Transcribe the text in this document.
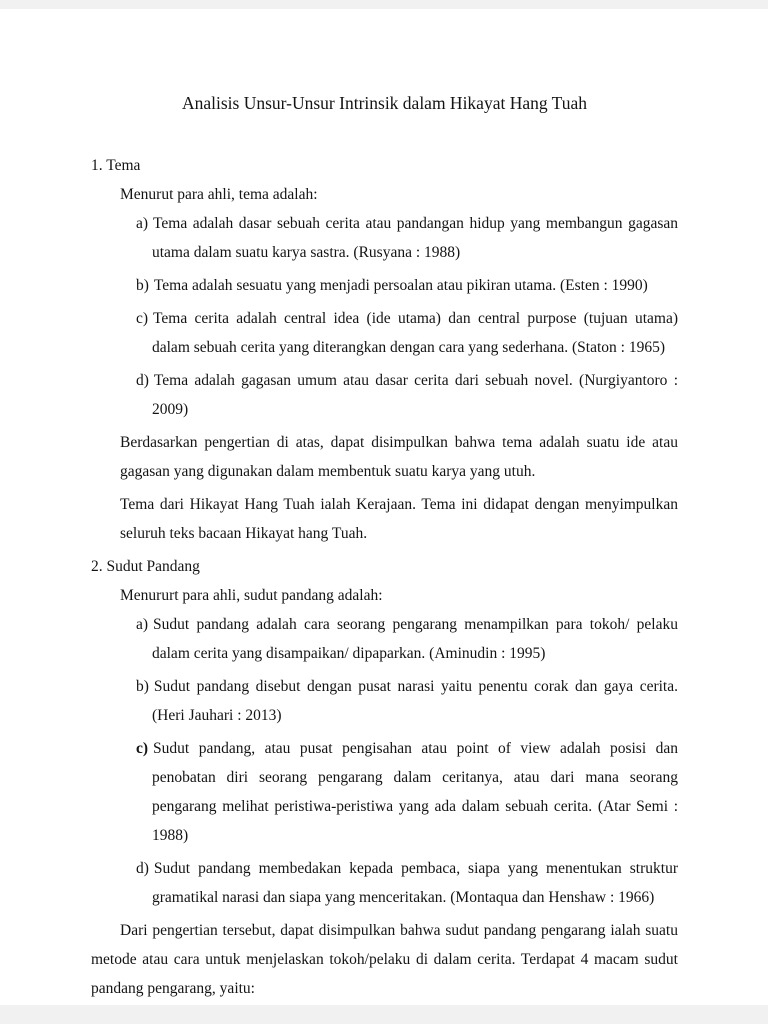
Analisis Unsur-Unsur Intrinsik dalam Hikayat Hang Tuah
1. Tema
Menurut para ahli, tema adalah:
a) Tema adalah dasar sebuah cerita atau pandangan hidup yang membangun gagasan utama dalam suatu karya sastra. (Rusyana : 1988)
b) Tema adalah sesuatu yang menjadi persoalan atau pikiran utama. (Esten : 1990)
c) Tema cerita adalah central idea (ide utama) dan central purpose (tujuan utama) dalam sebuah cerita yang diterangkan dengan cara yang sederhana. (Staton : 1965)
d) Tema adalah gagasan umum atau dasar cerita dari sebuah novel. (Nurgiyantoro : 2009)
Berdasarkan pengertian di atas, dapat disimpulkan bahwa tema adalah suatu ide atau gagasan yang digunakan dalam membentuk suatu karya yang utuh.
Tema dari Hikayat Hang Tuah ialah Kerajaan. Tema ini didapat dengan menyimpulkan seluruh teks bacaan Hikayat hang Tuah.
2. Sudut Pandang
Menururt para ahli, sudut pandang adalah:
a) Sudut pandang adalah cara seorang pengarang menampilkan para tokoh/ pelaku dalam cerita yang disampaikan/ dipaparkan. (Aminudin : 1995)
b) Sudut pandang disebut dengan pusat narasi yaitu penentu corak dan gaya cerita. (Heri Jauhari : 2013)
c) Sudut pandang, atau pusat pengisahan atau point of view adalah posisi dan penobatan diri seorang pengarang dalam ceritanya, atau dari mana seorang pengarang melihat peristiwa-peristiwa yang ada dalam sebuah cerita. (Atar Semi : 1988)
d) Sudut pandang membedakan kepada pembaca, siapa yang menentukan struktur gramatikal narasi dan siapa yang menceritakan. (Montaqua dan Henshaw : 1966)
Dari pengertian tersebut, dapat disimpulkan bahwa sudut pandang pengarang ialah suatu metode atau cara untuk menjelaskan tokoh/pelaku di dalam cerita. Terdapat 4 macam sudut pandang pengarang, yaitu:
